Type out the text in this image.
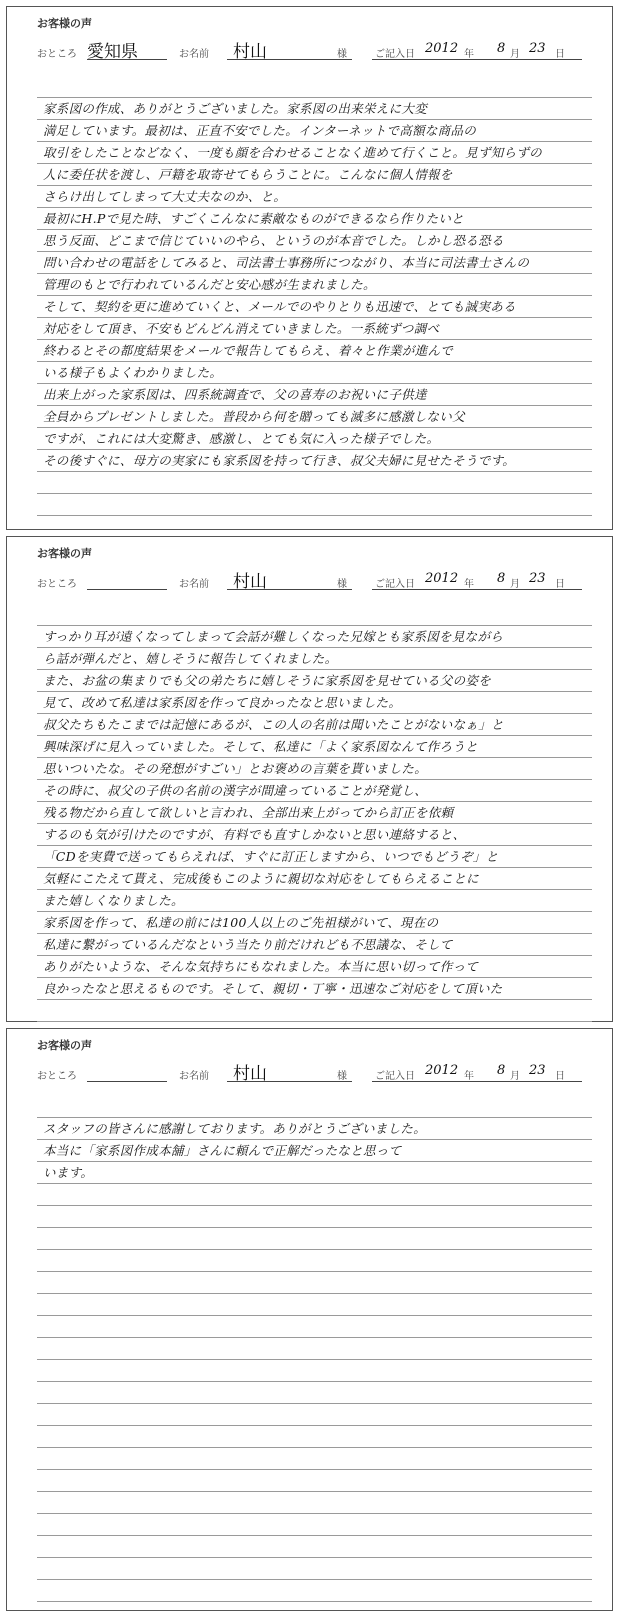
お客様の声
おところ 愛知県	お名前 村山	様	ご記入日 2012 年 8 月 23 日
家系図の作成、ありがとうございました。家系図の出来栄えに大変
満足しています。最初は、正直不安でした。インターネットで高額な商品の
取引をしたことなどなく、一度も顔を合わせることなく進めて行くこと。見ず知らずの
人に委任状を渡し、戸籍を取寄せてもらうことに。こんなに個人情報を
さらけ出してしまって大丈夫なのか、と。
最初にH.Pで見た時、すごくこんなに素敵なものができるなら作りたいと
思う反面、どこまで信じていいのやら、というのが本音でした。しかし恐る恐る
問い合わせの電話をしてみると、司法書士事務所につながり、本当に司法書士さんの
管理のもとで行われているんだと安心感が生まれました。
そして、契約を更に進めていくと、メールでのやりとりも迅速で、とても誠実ある
対応をして頂き、不安もどんどん消えていきました。一系統ずつ調べ
終わるとその都度結果をメールで報告してもらえ、着々と作業が進んで
いる様子もよくわかりました。
出来上がった家系図は、四系統調査で、父の喜寿のお祝いに子供達
全員からプレゼントしました。普段から何を贈っても滅多に感激しない父
ですが、これには大変驚き、感激し、とても気に入った様子でした。
その後すぐに、母方の実家にも家系図を持って行き、叔父夫婦に見せたそうです。
お客様の声
おところ	お名前 村山	様	ご記入日 2012 年 8 月 23 日
すっかり耳が遠くなってしまって会話が難しくなった兄嫁とも家系図を見ながら
ら話が弾んだと、嬉しそうに報告してくれました。
また、お盆の集まりでも父の弟たちに嬉しそうに家系図を見せている父の姿を
見て、改めて私達は家系図を作って良かったなと思いました。
叔父たちもたこまでは記憶にあるが、この人の名前は聞いたことがないなぁ」と
興味深げに見入っていました。そして、私達に「よく家系図なんて作ろうと
思いついたな。その発想がすごい」とお褒めの言葉を貰いました。
その時に、叔父の子供の名前の漢字が間違っていることが発覚し、
残る物だから直して欲しいと言われ、全部出来上がってから訂正を依頼
するのも気が引けたのですが、有料でも直すしかないと思い連絡すると、
「CDを実費で送ってもらえれば、すぐに訂正しますから、いつでもどうぞ」と
気軽にこたえて貰え、完成後もこのように親切な対応をしてもらえることに
また嬉しくなりました。
家系図を作って、私達の前には100人以上のご先祖様がいて、現在の
私達に繋がっているんだなという当たり前だけれども不思議な、そして
ありがたいような、そんな気持ちにもなれました。本当に思い切って作って
良かったなと思えるものです。そして、親切・丁寧・迅速なご対応をして頂いた
お客様の声
おところ	お名前 村山	様	ご記入日 2012 年 8 月 23 日
スタッフの皆さんに感謝しております。ありがとうございました。
本当に「家系図作成本舗」さんに頼んで正解だったなと思って
います。
